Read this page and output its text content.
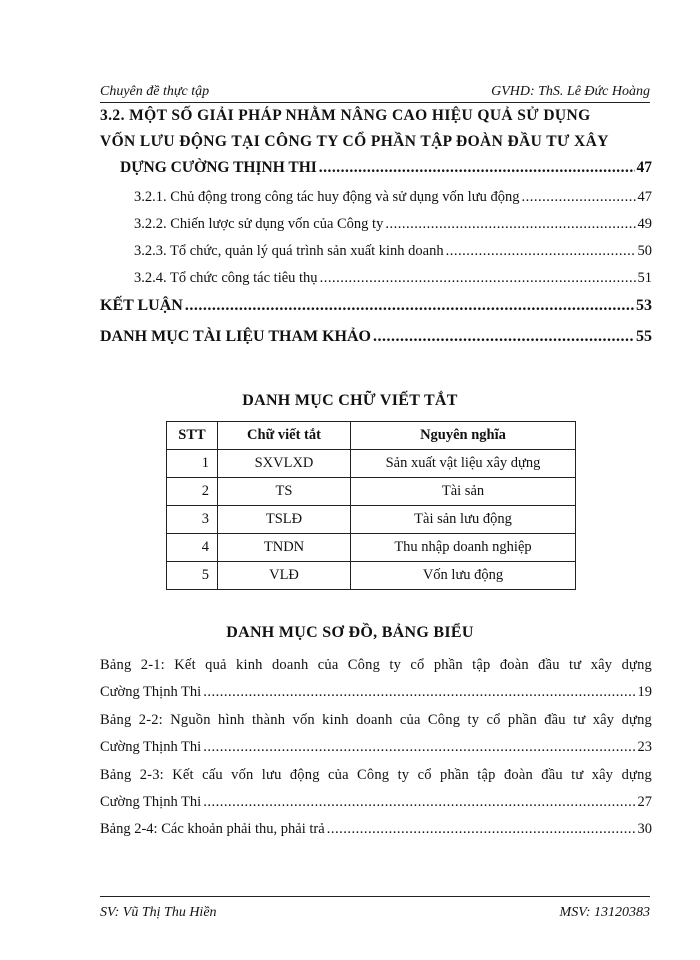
Chuyên đề thực tập	GVHD: ThS. Lê Đức Hoàng
3.2. MỘT SỐ GIẢI PHÁP NHẰM NÂNG CAO HIỆU QUẢ SỬ DỤNG
VỐN LƯU ĐỘNG TẠI CÔNG TY CỔ PHẦN TẬP ĐOÀN ĐẦU TƯ XÂY
DỰNG CƯỜNG THỊNH THI .....	47
3.2.1. Chủ động trong công tác huy động và sử dụng vốn lưu động .....	47
3.2.2. Chiến lược sử dụng vốn của Công ty .....	49
3.2.3. Tổ chức, quản lý quá trình sản xuất kinh doanh .....	50
3.2.4. Tổ chức công tác tiêu thụ .....	51
KẾT LUẬN .....	53
DANH MỤC TÀI LIỆU THAM KHẢO .....	55
DANH MỤC CHỮ VIẾT TẮT
STT	Chữ viết tắt	Nguyên nghĩa
1	SXVLXD	Sản xuất vật liệu xây dựng
2	TS	Tài sản
3	TSLĐ	Tài sản lưu động
4	TNDN	Thu nhập doanh nghiệp
5	VLĐ	Vốn lưu động
DANH MỤC SƠ ĐỒ, BẢNG BIỂU
Bảng 2-1: Kết quả kinh doanh của Công ty cổ phần tập đoàn đầu tư xây dựng
Cường Thịnh Thi .....	19
Bảng 2-2: Nguồn hình thành vốn kinh doanh của Công ty cổ phần đầu tư xây dựng
Cường Thịnh Thi .....	23
Bảng 2-3: Kết cấu vốn lưu động của Công ty cổ phần tập đoàn đầu tư xây dựng
Cường Thịnh Thi .....	27
Bảng 2-4: Các khoản phải thu, phải trả .....	30
SV: Vũ Thị Thu Hiền	MSV: 13120383
